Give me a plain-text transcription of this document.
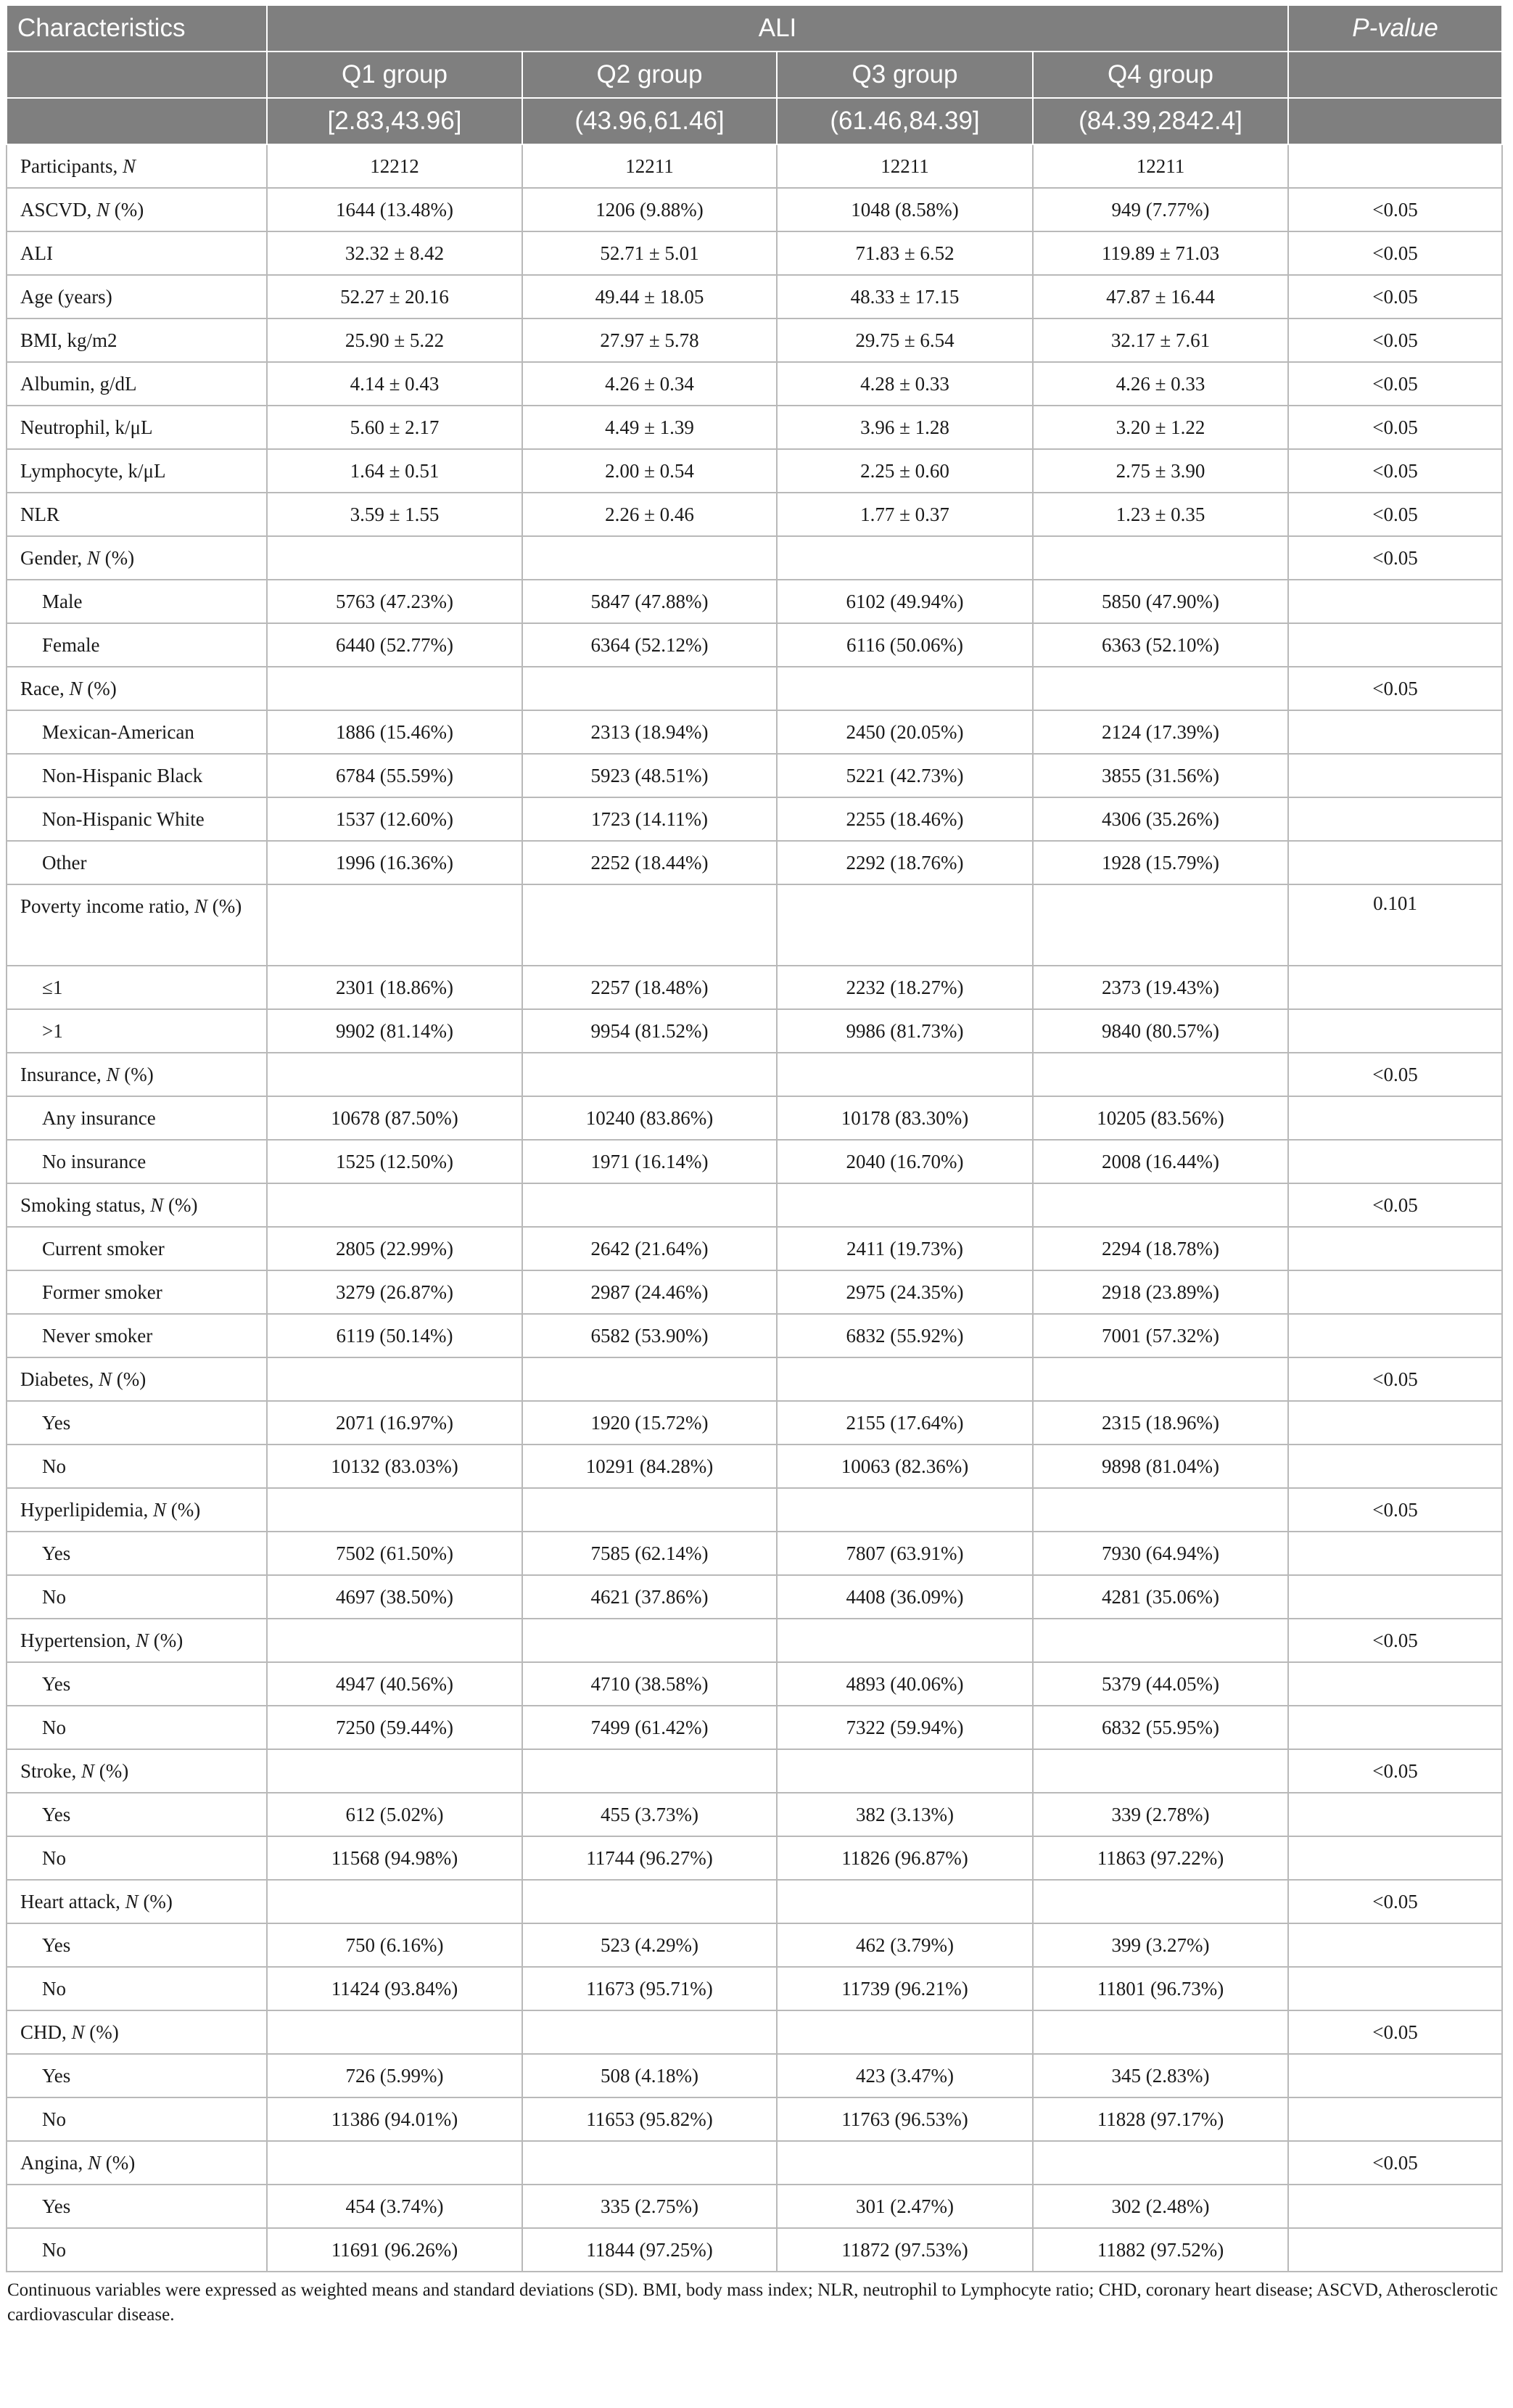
Characteristics	ALI				P-value
	Q1 group	Q2 group	Q3 group	Q4 group	
	[2.83,43.96]	(43.96,61.46]	(61.46,84.39]	(84.39,2842.4]	
Participants, N	12212	12211	12211	12211	
ASCVD, N (%)	1644 (13.48%)	1206 (9.88%)	1048 (8.58%)	949 (7.77%)	<0.05
ALI	32.32 ± 8.42	52.71 ± 5.01	71.83 ± 6.52	119.89 ± 71.03	<0.05
Age (years)	52.27 ± 20.16	49.44 ± 18.05	48.33 ± 17.15	47.87 ± 16.44	<0.05
BMI, kg/m2	25.90 ± 5.22	27.97 ± 5.78	29.75 ± 6.54	32.17 ± 7.61	<0.05
Albumin, g/dL	4.14 ± 0.43	4.26 ± 0.34	4.28 ± 0.33	4.26 ± 0.33	<0.05
Neutrophil, k/μL	5.60 ± 2.17	4.49 ± 1.39	3.96 ± 1.28	3.20 ± 1.22	<0.05
Lymphocyte, k/μL	1.64 ± 0.51	2.00 ± 0.54	2.25 ± 0.60	2.75 ± 3.90	<0.05
NLR	3.59 ± 1.55	2.26 ± 0.46	1.77 ± 0.37	1.23 ± 0.35	<0.05
Gender, N (%)					<0.05
Male	5763 (47.23%)	5847 (47.88%)	6102 (49.94%)	5850 (47.90%)	
Female	6440 (52.77%)	6364 (52.12%)	6116 (50.06%)	6363 (52.10%)	
Race, N (%)					<0.05
Mexican-American	1886 (15.46%)	2313 (18.94%)	2450 (20.05%)	2124 (17.39%)	
Non-Hispanic Black	6784 (55.59%)	5923 (48.51%)	5221 (42.73%)	3855 (31.56%)	
Non-Hispanic White	1537 (12.60%)	1723 (14.11%)	2255 (18.46%)	4306 (35.26%)	
Other	1996 (16.36%)	2252 (18.44%)	2292 (18.76%)	1928 (15.79%)	
Poverty income ratio, N (%)					0.101
≤1	2301 (18.86%)	2257 (18.48%)	2232 (18.27%)	2373 (19.43%)	
>1	9902 (81.14%)	9954 (81.52%)	9986 (81.73%)	9840 (80.57%)	
Insurance, N (%)					<0.05
Any insurance	10678 (87.50%)	10240 (83.86%)	10178 (83.30%)	10205 (83.56%)	
No insurance	1525 (12.50%)	1971 (16.14%)	2040 (16.70%)	2008 (16.44%)	
Smoking status, N (%)					<0.05
Current smoker	2805 (22.99%)	2642 (21.64%)	2411 (19.73%)	2294 (18.78%)	
Former smoker	3279 (26.87%)	2987 (24.46%)	2975 (24.35%)	2918 (23.89%)	
Never smoker	6119 (50.14%)	6582 (53.90%)	6832 (55.92%)	7001 (57.32%)	
Diabetes, N (%)					<0.05
Yes	2071 (16.97%)	1920 (15.72%)	2155 (17.64%)	2315 (18.96%)	
No	10132 (83.03%)	10291 (84.28%)	10063 (82.36%)	9898 (81.04%)	
Hyperlipidemia, N (%)					<0.05
Yes	7502 (61.50%)	7585 (62.14%)	7807 (63.91%)	7930 (64.94%)	
No	4697 (38.50%)	4621 (37.86%)	4408 (36.09%)	4281 (35.06%)	
Hypertension, N (%)					<0.05
Yes	4947 (40.56%)	4710 (38.58%)	4893 (40.06%)	5379 (44.05%)	
No	7250 (59.44%)	7499 (61.42%)	7322 (59.94%)	6832 (55.95%)	
Stroke, N (%)					<0.05
Yes	612 (5.02%)	455 (3.73%)	382 (3.13%)	339 (2.78%)	
No	11568 (94.98%)	11744 (96.27%)	11826 (96.87%)	11863 (97.22%)	
Heart attack, N (%)					<0.05
Yes	750 (6.16%)	523 (4.29%)	462 (3.79%)	399 (3.27%)	
No	11424 (93.84%)	11673 (95.71%)	11739 (96.21%)	11801 (96.73%)	
CHD, N (%)					<0.05
Yes	726 (5.99%)	508 (4.18%)	423 (3.47%)	345 (2.83%)	
No	11386 (94.01%)	11653 (95.82%)	11763 (96.53%)	11828 (97.17%)	
Angina, N (%)					<0.05
Yes	454 (3.74%)	335 (2.75%)	301 (2.47%)	302 (2.48%)	
No	11691 (96.26%)	11844 (97.25%)	11872 (97.53%)	11882 (97.52%)	
Continuous variables were expressed as weighted means and standard deviations (SD). BMI, body mass index; NLR, neutrophil to Lymphocyte ratio; CHD, coronary heart disease; ASCVD, Atherosclerotic cardiovascular disease.
